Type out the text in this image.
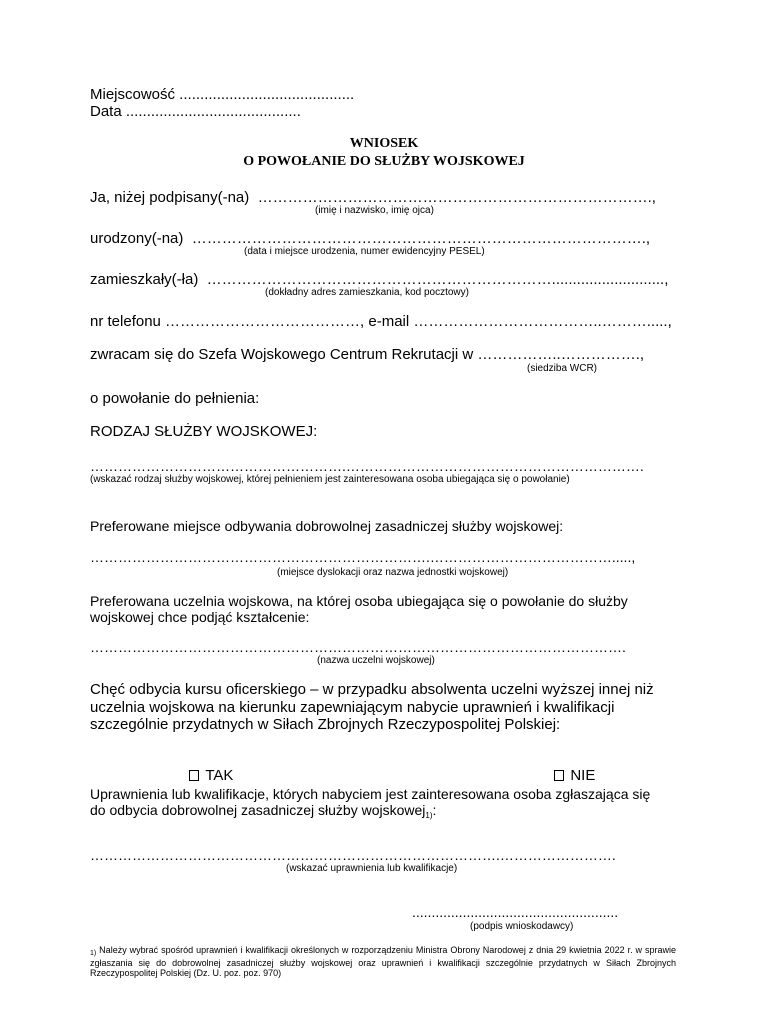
Miejscowość ..........................................
Data ..........................................
WNIOSEK
O POWOŁANIE DO SŁUŻBY WOJSKOWEJ
Ja, niżej podpisany(-na)  …………………………………………………………………….,
(imię i nazwisko, imię ojca)
urodzony(-na)  ……………………………………………………………………………….,
(data i miejsce urodzenia, numer ewidencyjny PESEL)
zamieszkały(-ła)  ……………………………………………………………...........................,
(dokładny adres zamieszkania, kod pocztowy)
nr telefonu …………………………………, e-mail ………………………………..……….....,
zwracam się do Szefa Wojskowego Centrum Rekrutacji w ……………..…………….,
(siedziba WCR)
o powołanie do pełnienia:
RODZAJ SŁUŻBY WOJSKOWEJ:
……………………………………………….……………………………………………………….
(wskazać rodzaj służby wojskowej, której pełnieniem jest zainteresowana osoba ubiegająca się o powołanie)
Preferowane miejsce odbywania dobrowolnej zasadniczej służby wojskowej:
……………………………………………………………….………………………………….....,
(miejsce dyslokacji oraz nazwa jednostki wojskowej)
Preferowana uczelnia wojskowa, na której osoba ubiegająca się o powołanie do służby
wojskowej chce podjąć kształcenie:
…………………………………………………………………………………………………….
(nazwa uczelni wojskowej)
Chęć odbycia kursu oficerskiego – w przypadku absolwenta uczelni wyższej innej niż
uczelnia wojskowa na kierunku zapewniającym nabycie uprawnień i kwalifikacji
szczególnie przydatnych w Siłach Zbrojnych Rzeczypospolitej Polskiej:

TAK	NIE

Uprawnienia lub kwalifikacje, których nabyciem jest zainteresowana osoba zgłaszająca się
do odbycia dobrowolnej zasadniczej służby wojskowej$_{1)}$:
…………………………………………………………………………….…………………….
(wskazać uprawnienia lub kwalifikacje)
.....................................................
(podpis wnioskodawcy)
$_{1)}$ Należy wybrać spośród uprawnień i kwalifikacji określonych w rozporządzeniu Ministra Obrony Narodowej z dnia 29 kwietnia 2022 r. w sprawie zgłaszania się do dobrowolnej zasadniczej służby wojskowej oraz uprawnień i kwalifikacji szczególnie przydatnych w Siłach Zbrojnych Rzeczypospolitej Polskiej (Dz. U. poz. poz. 970)
